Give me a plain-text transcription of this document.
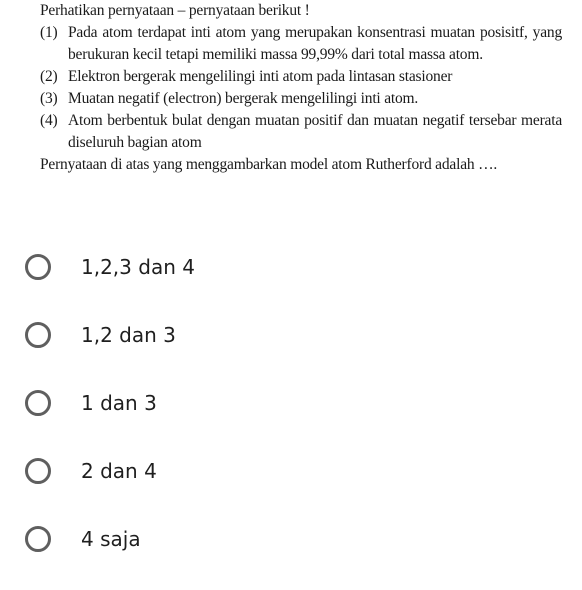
Perhatikan pernyataan – pernyataan berikut !
(1) Pada atom terdapat inti atom yang merupakan konsentrasi muatan posisitf, yang berukuran kecil tetapi memiliki massa 99,99% dari total massa atom.
(2) Elektron bergerak mengelilingi inti atom pada lintasan stasioner
(3) Muatan negatif (electron) bergerak mengelilingi inti atom.
(4) Atom berbentuk bulat dengan muatan positif dan muatan negatif tersebar merata diseluruh bagian atom
Pernyataan di atas yang menggambarkan model atom Rutherford adalah ….
1,2,3 dan 4
1,2 dan 3
1 dan 3
2 dan 4
4 saja
